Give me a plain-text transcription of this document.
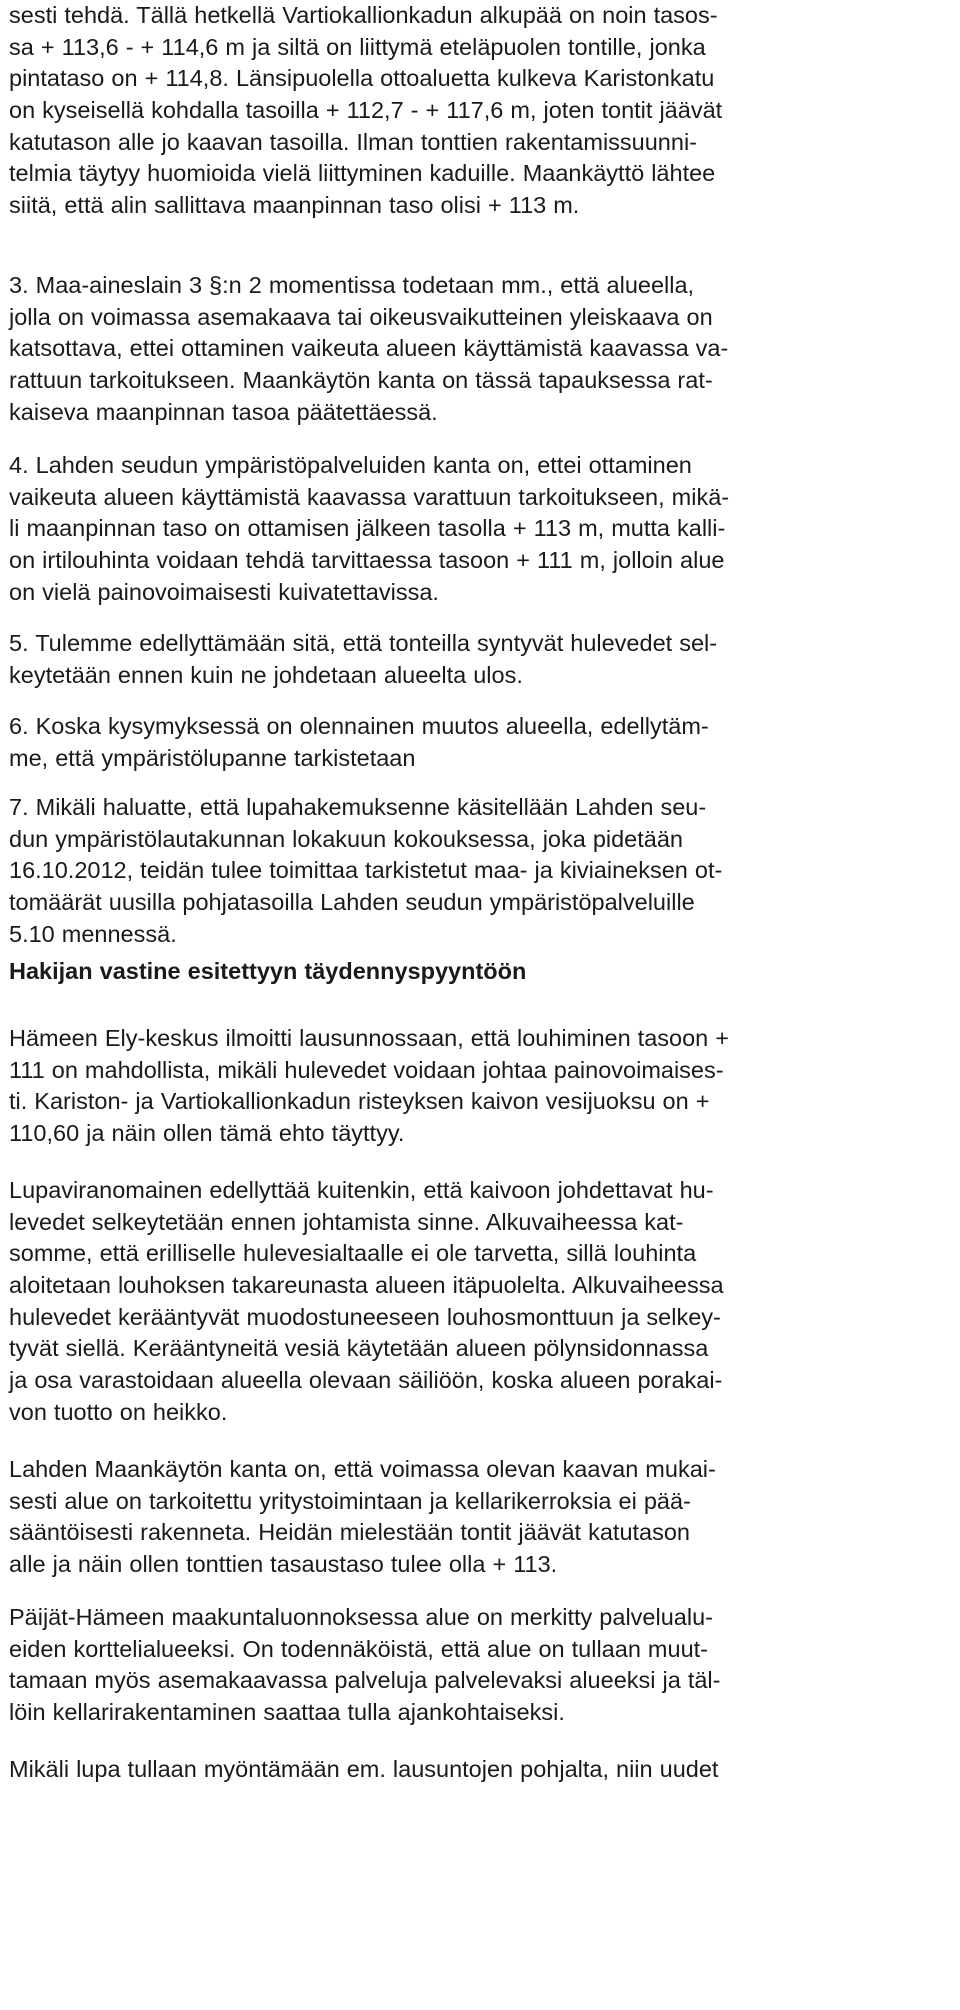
sesti tehdä. Tällä hetkellä Vartiokallionkadun alkupää on noin tasos-
sa + 113,6 - + 114,6 m ja siltä on liittymä eteläpuolen tontille, jonka
pintataso on + 114,8. Länsipuolella ottoaluetta kulkeva Karistonkatu
on kyseisellä kohdalla tasoilla + 112,7 - + 117,6 m, joten tontit jäävät
katutason alle jo kaavan tasoilla. Ilman tonttien rakentamissuunni-
telmia täytyy huomioida vielä liittyminen kaduille. Maankäyttö lähtee
siitä, että alin sallittava maanpinnan taso olisi + 113 m.
3. Maa-aineslain 3 §:n 2 momentissa todetaan mm., että alueella,
jolla on voimassa asemakaava tai oikeusvaikutteinen yleiskaava on
katsottava, ettei ottaminen vaikeuta alueen käyttämistä kaavassa va-
rattuun tarkoitukseen. Maankäytön kanta on tässä tapauksessa rat-
kaiseva maanpinnan tasoa päätettäessä.
4. Lahden seudun ympäristöpalveluiden kanta on, ettei ottaminen
vaikeuta alueen käyttämistä kaavassa varattuun tarkoitukseen, mikä-
li maanpinnan taso on ottamisen jälkeen tasolla + 113 m, mutta kalli-
on irtilouhinta voidaan tehdä tarvittaessa tasoon + 111 m, jolloin alue
on vielä painovoimaisesti kuivatettavissa.
5. Tulemme edellyttämään sitä, että tonteilla syntyvät hulevedet sel-
keytetään ennen kuin ne johdetaan alueelta ulos.
6. Koska kysymyksessä on olennainen muutos alueella, edellytäm-
me, että ympäristölupanne tarkistetaan
7. Mikäli haluatte, että lupahakemuksenne käsitellään Lahden seu-
dun ympäristölautakunnan lokakuun kokouksessa, joka pidetään
16.10.2012, teidän tulee toimittaa tarkistetut maa- ja kiviaineksen ot-
tomäärät uusilla pohjatasoilla Lahden seudun ympäristöpalveluille
5.10 mennessä.
Hakijan vastine esitettyyn täydennyspyyntöön
Hämeen Ely-keskus ilmoitti lausunnossaan, että louhiminen tasoon +
111 on mahdollista, mikäli hulevedet voidaan johtaa painovoimaises-
ti. Kariston- ja Vartiokallionkadun risteyksen kaivon vesijuoksu on +
110,60 ja näin ollen tämä ehto täyttyy.
Lupaviranomainen edellyttää kuitenkin, että kaivoon johdettavat hu-
levedet selkeytetään ennen johtamista sinne. Alkuvaiheessa kat-
somme, että erilliselle hulevesialtaalle ei ole tarvetta, sillä louhinta
aloitetaan louhoksen takareunasta alueen itäpuolelta. Alkuvaiheessa
hulevedet kerääntyvät muodostuneeseen louhosmonttuun ja selkey-
tyvät siellä. Kerääntyneitä vesiä käytetään alueen pölynsidonnassa
ja osa varastoidaan alueella olevaan säiliöön, koska alueen porakai-
von tuotto on heikko.
Lahden Maankäytön kanta on, että voimassa olevan kaavan mukai-
sesti alue on tarkoitettu yritystoimintaan ja kellarikerroksia ei pää-
sääntöisesti rakenneta. Heidän mielestään tontit jäävät katutason
alle ja näin ollen tonttien tasaustaso tulee olla + 113.
Päijät-Hämeen maakuntaluonnoksessa alue on merkitty palvelualu-
eiden korttelialueeksi. On todennäköistä, että alue on tullaan muut-
tamaan myös asemakaavassa palveluja palvelevaksi alueeksi ja täl-
löin kellarirakentaminen saattaa tulla ajankohtaiseksi.
Mikäli lupa tullaan myöntämään em. lausuntojen pohjalta, niin uudet
